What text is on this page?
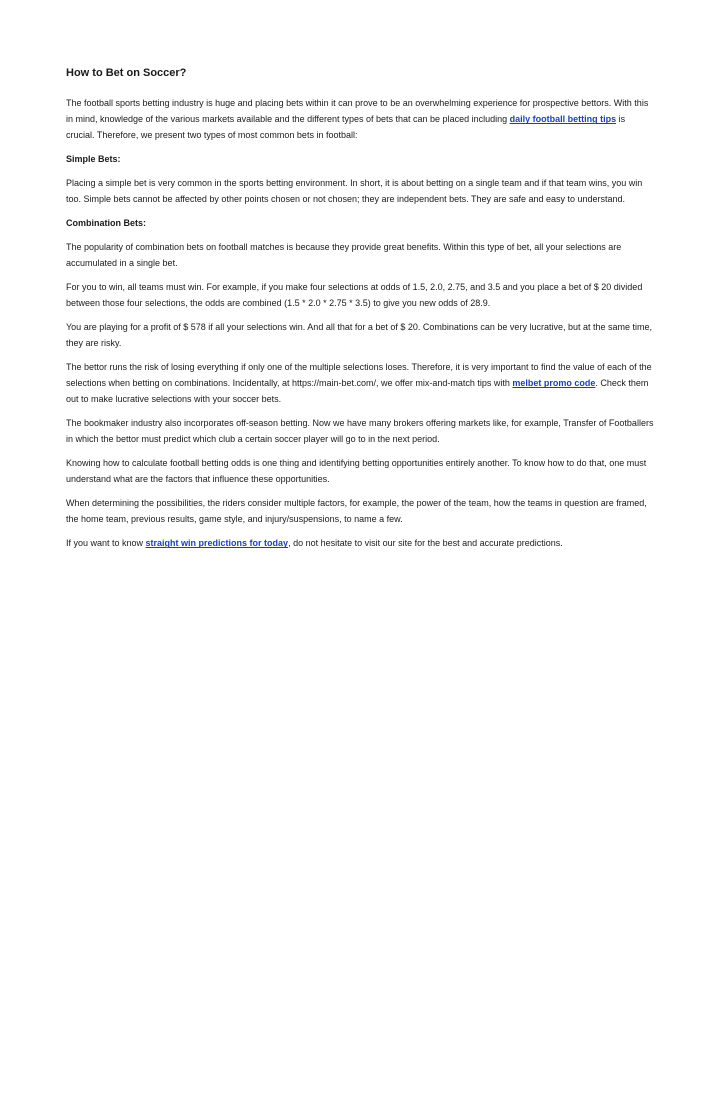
How to Bet on Soccer?

The football sports betting industry is huge and placing bets within it can prove to be an overwhelming experience for prospective bettors. With this in mind, knowledge of the various markets available and the different types of bets that can be placed including daily football betting tips is crucial. Therefore, we present two types of most common bets in football:

Simple Bets:

Placing a simple bet is very common in the sports betting environment. In short, it is about betting on a single team and if that team wins, you win too. Simple bets cannot be affected by other points chosen or not chosen; they are independent bets. They are safe and easy to understand.

Combination Bets:

The popularity of combination bets on football matches is because they provide great benefits. Within this type of bet, all your selections are accumulated in a single bet.

For you to win, all teams must win. For example, if you make four selections at odds of 1.5, 2.0, 2.75, and 3.5 and you place a bet of $ 20 divided between those four selections, the odds are combined (1.5 * 2.0 * 2.75 * 3.5) to give you new odds of 28.9.

You are playing for a profit of $ 578 if all your selections win. And all that for a bet of $ 20. Combinations can be very lucrative, but at the same time, they are risky.

The bettor runs the risk of losing everything if only one of the multiple selections loses. Therefore, it is very important to find the value of each of the selections when betting on combinations. Incidentally, at https://main-bet.com/, we offer mix-and-match tips with melbet promo code. Check them out to make lucrative selections with your soccer bets.

The bookmaker industry also incorporates off-season betting. Now we have many brokers offering markets like, for example, Transfer of Footballers in which the bettor must predict which club a certain soccer player will go to in the next period.

Knowing how to calculate football betting odds is one thing and identifying betting opportunities entirely another. To know how to do that, one must understand what are the factors that influence these opportunities.

When determining the possibilities, the riders consider multiple factors, for example, the power of the team, how the teams in question are framed, the home team, previous results, game style, and injury/suspensions, to name a few.

If you want to know straight win predictions for today, do not hesitate to visit our site for the best and accurate predictions.
